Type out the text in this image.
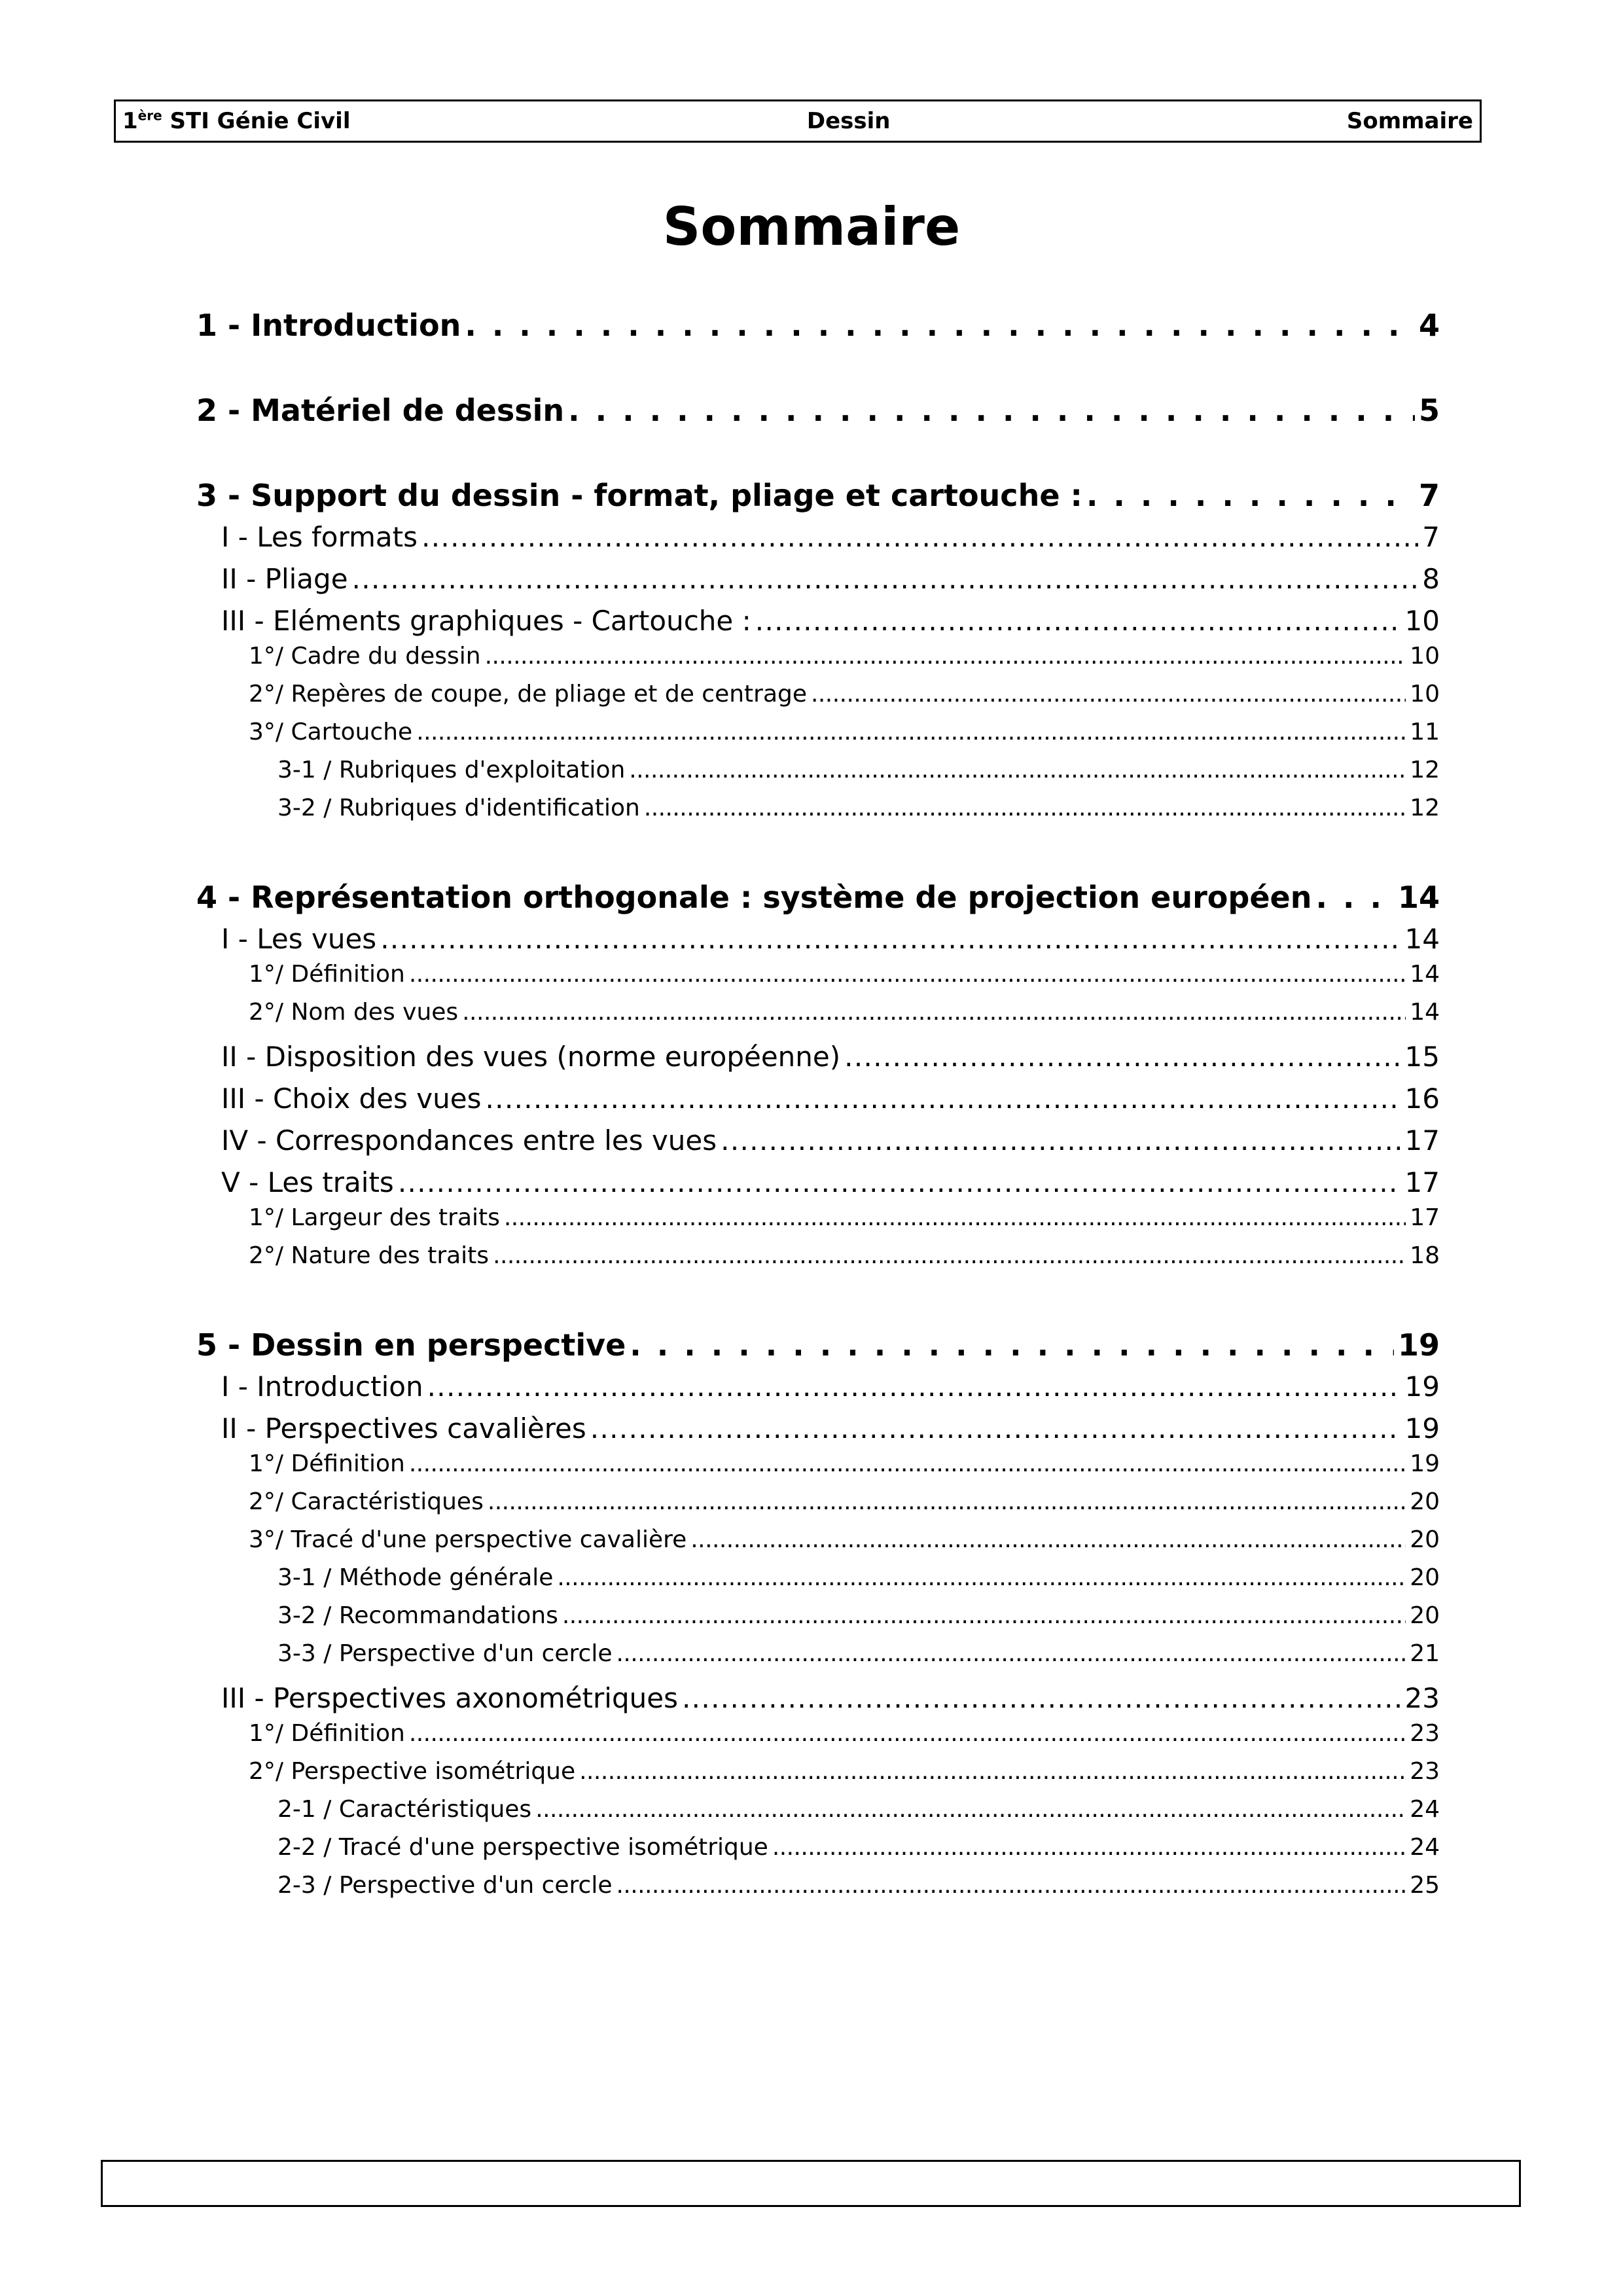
1ère STI Génie Civil	Dessin	Sommaire
Sommaire
1 - Introduction . . .	4
2 - Matériel de dessin . . .	5
3 - Support du dessin - format, pliage et cartouche : . . .	7
I - Les formats . . .	7
II - Pliage . . .	8
III - Eléments graphiques - Cartouche : . . .	10
1°/ Cadre du dessin . . .	10
2°/ Repères de coupe, de pliage et de centrage . . .	10
3°/ Cartouche . . .	11
3-1 / Rubriques d'exploitation . . .	12
3-2 / Rubriques d'identification . . .	12
4 - Représentation orthogonale : système de projection européen . . .	14
I - Les vues . . .	14
1°/ Définition . . .	14
2°/ Nom des vues . . .	14
II - Disposition des vues (norme européenne) . . .	15
III - Choix des vues . . .	16
IV - Correspondances entre les vues . . .	17
V - Les traits . . .	17
1°/ Largeur des traits . . .	17
2°/ Nature des traits . . .	18
5 - Dessin en perspective . . .	19
I - Introduction . . .	19
II - Perspectives cavalières . . .	19
1°/ Définition . . .	19
2°/ Caractéristiques . . .	20
3°/ Tracé d'une perspective cavalière . . .	20
3-1 / Méthode générale . . .	20
3-2 / Recommandations . . .	20
3-3 / Perspective d'un cercle . . .	21
III - Perspectives axonométriques . . .	23
1°/ Définition . . .	23
2°/ Perspective isométrique . . .	23
2-1 / Caractéristiques . . .	24
2-2 / Tracé d'une perspective isométrique . . .	24
2-3 / Perspective d'un cercle . . .	25
